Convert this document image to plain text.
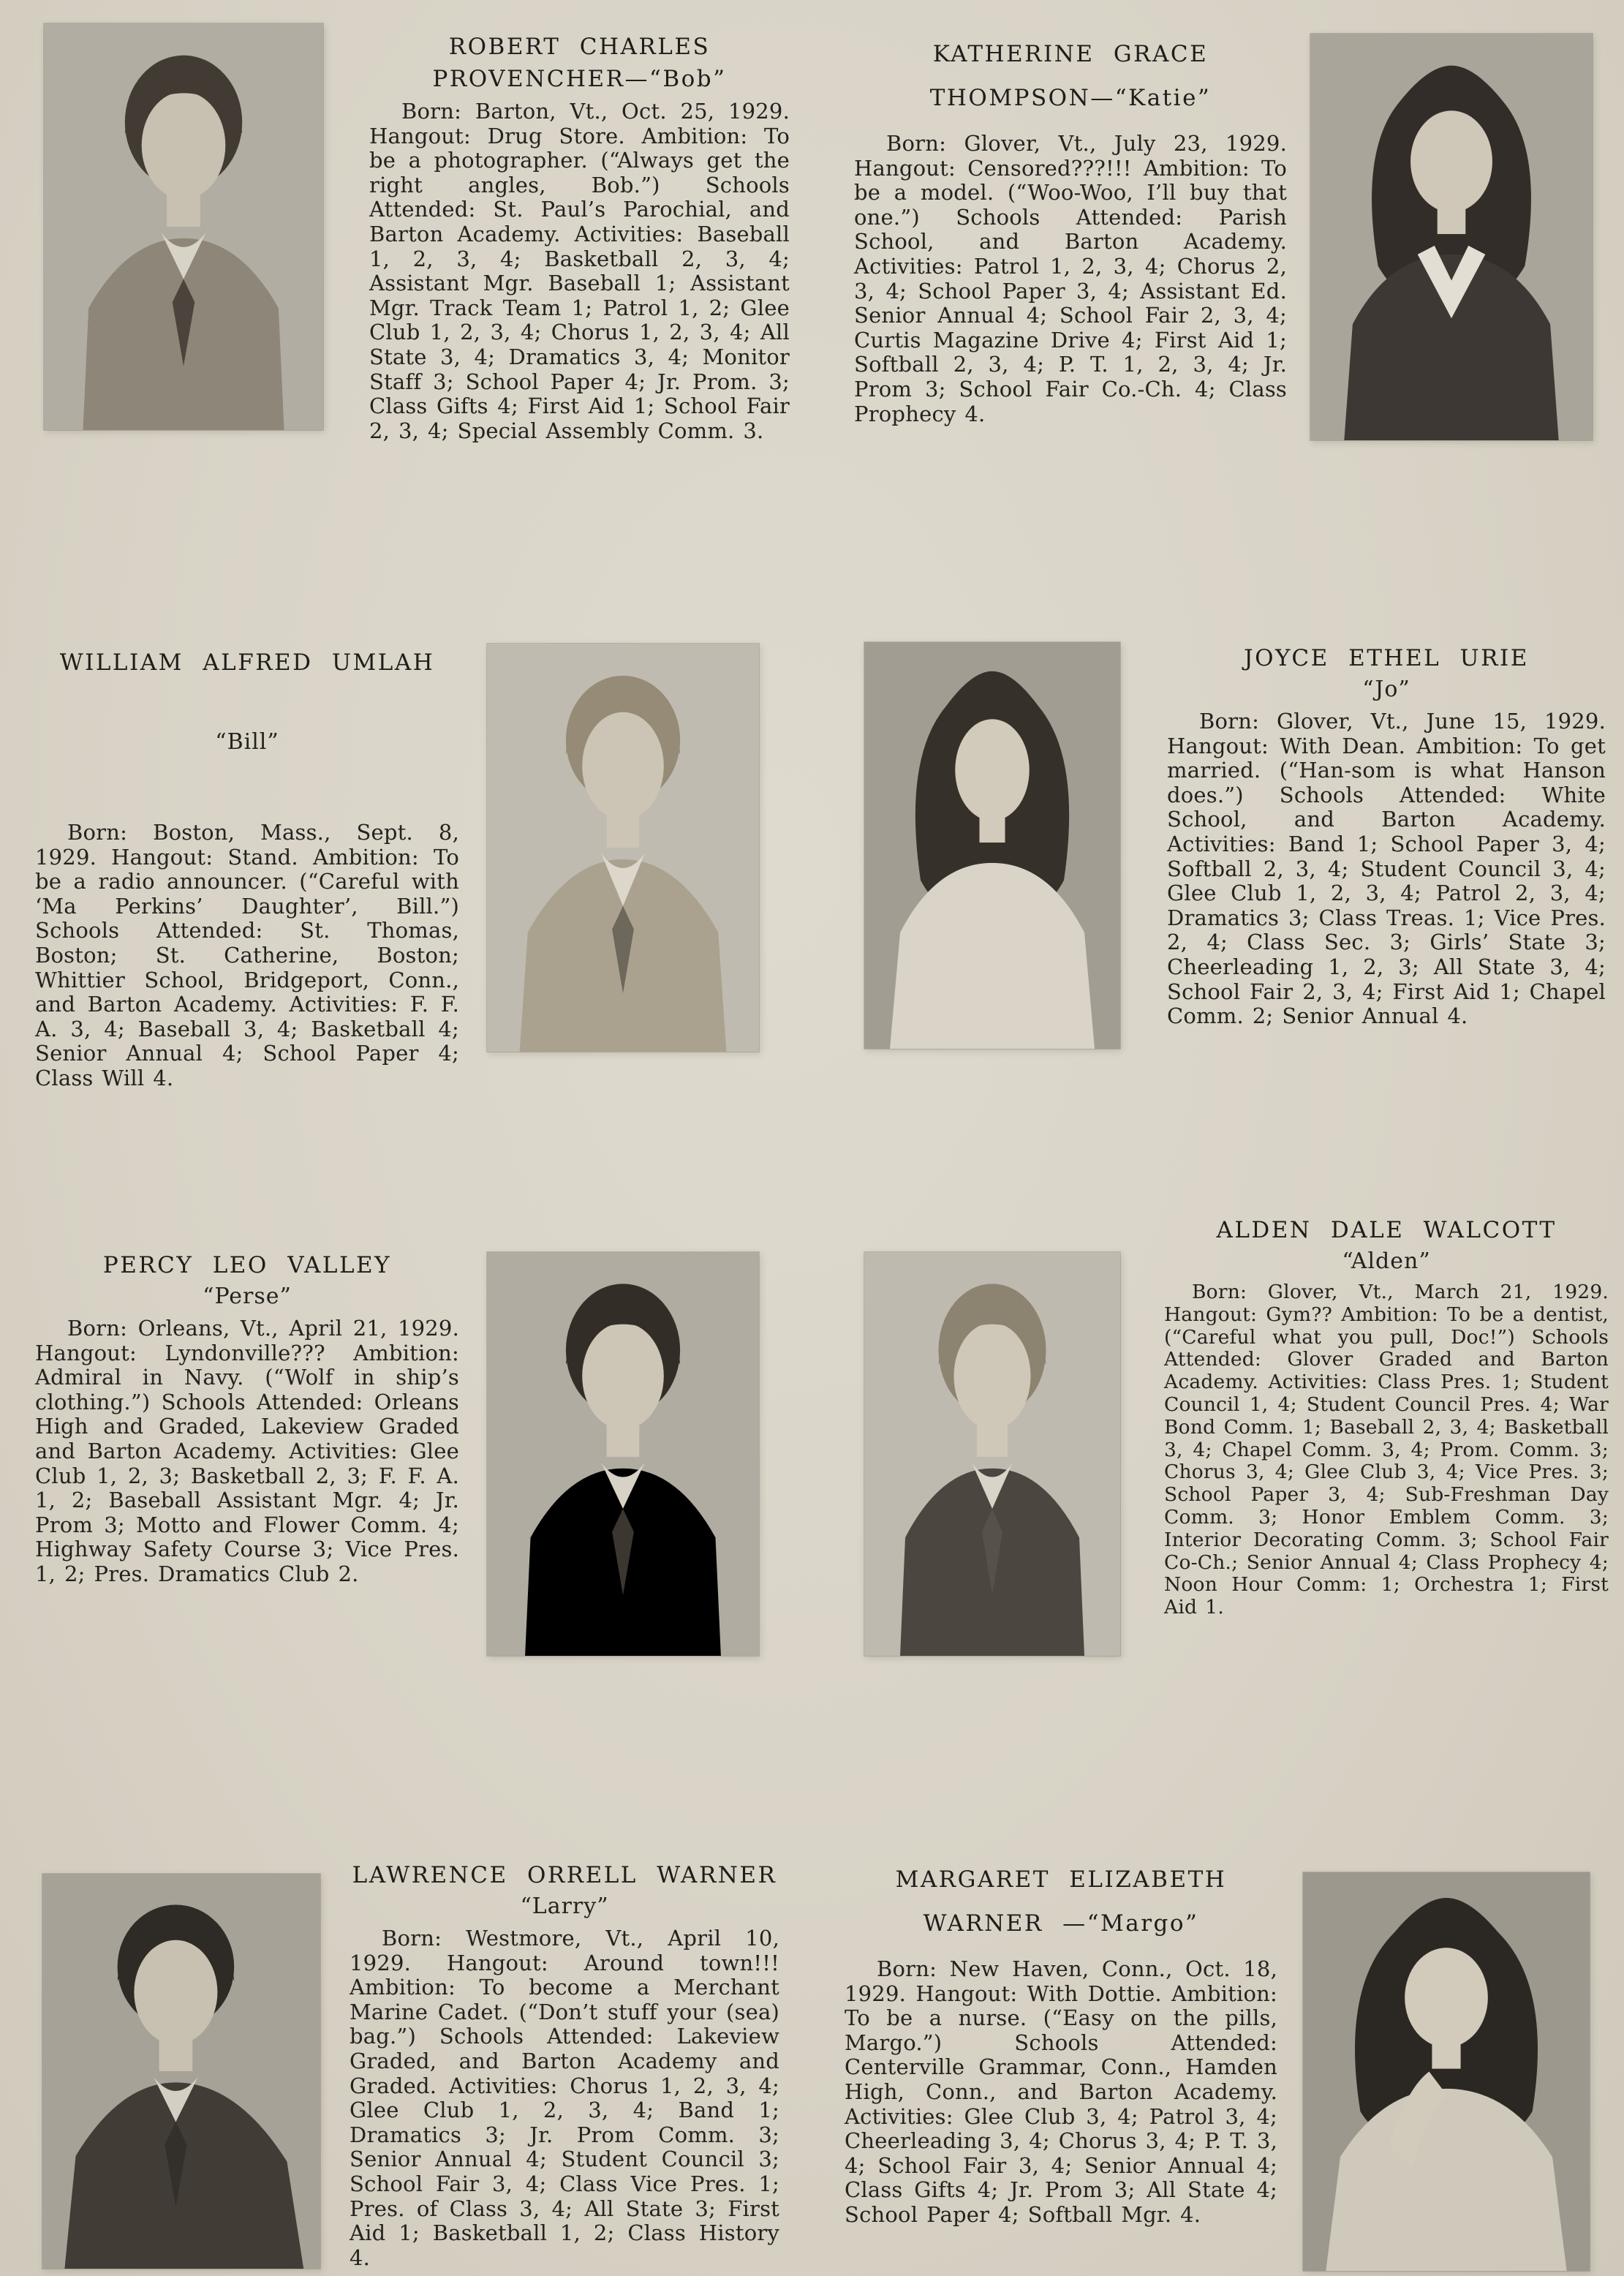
ROBERT CHARLES
PROVENCHER—“Bob”

Born: Barton, Vt., Oct. 25, 1929. Hangout: Drug Store. Ambition: To be a photographer. (“Always get the right angles, Bob.”) Schools Attended: St. Paul’s Parochial, and Barton Academy. Activities: Baseball 1, 2, 3, 4; Basketball 2, 3, 4; Assistant Mgr. Baseball 1; Assistant Mgr. Track Team 1; Patrol 1, 2; Glee Club 1, 2, 3, 4; Chorus 1, 2, 3, 4; All State 3, 4; Dramatics 3, 4; Monitor Staff 3; School Paper 4; Jr. Prom. 3; Class Gifts 4; First Aid 1; School Fair 2, 3, 4; Special Assembly Comm. 3.

KATHERINE GRACE
THOMPSON—“Katie”

Born: Glover, Vt., July 23, 1929. Hangout: Censored???!!! Ambition: To be a model. (“Woo-Woo, I’ll buy that one.”) Schools Attended: Parish School, and Barton Academy. Activities: Patrol 1, 2, 3, 4; Chorus 2, 3, 4; School Paper 3, 4; Assistant Ed. Senior Annual 4; School Fair 2, 3, 4; Curtis Magazine Drive 4; First Aid 1; Softball 2, 3, 4; P. T. 1, 2, 3, 4; Jr. Prom 3; School Fair Co.-Ch. 4; Class Prophecy 4.

WILLIAM ALFRED UMLAH
“Bill”

Born: Boston, Mass., Sept. 8, 1929. Hangout: Stand. Ambition: To be a radio announcer. (“Careful with ‘Ma Perkins’ Daughter’, Bill.”) Schools Attended: St. Thomas, Boston; St. Catherine, Boston; Whittier School, Bridgeport, Conn., and Barton Academy. Activities: F. F. A. 3, 4; Baseball 3, 4; Basketball 4; Senior Annual 4; School Paper 4; Class Will 4.

JOYCE ETHEL URIE
“Jo”

Born: Glover, Vt., June 15, 1929. Hangout: With Dean. Ambition: To get married. (“Han-som is what Hanson does.”) Schools Attended: White School, and Barton Academy. Activities: Band 1; School Paper 3, 4; Softball 2, 3, 4; Student Council 3, 4; Glee Club 1, 2, 3, 4; Patrol 2, 3, 4; Dramatics 3; Class Treas. 1; Vice Pres. 2, 4; Class Sec. 3; Girls’ State 3; Cheerleading 1, 2, 3; All State 3, 4; School Fair 2, 3, 4; First Aid 1; Chapel Comm. 2; Senior Annual 4.

PERCY LEO VALLEY
“Perse”

Born: Orleans, Vt., April 21, 1929. Hangout: Lyndonville??? Ambition: Admiral in Navy. (“Wolf in ship’s clothing.”) Schools Attended: Orleans High and Graded, Lakeview Graded and Barton Academy. Activities: Glee Club 1, 2, 3; Basketball 2, 3; F. F. A. 1, 2; Baseball Assistant Mgr. 4; Jr. Prom 3; Motto and Flower Comm. 4; Highway Safety Course 3; Vice Pres. 1, 2; Pres. Dramatics Club 2.

ALDEN DALE WALCOTT
“Alden”

Born: Glover, Vt., March 21, 1929. Hangout: Gym?? Ambition: To be a dentist, (“Careful what you pull, Doc!”) Schools Attended: Glover Graded and Barton Academy. Activities: Class Pres. 1; Student Council 1, 4; Student Council Pres. 4; War Bond Comm. 1; Baseball 2, 3, 4; Basketball 3, 4; Chapel Comm. 3, 4; Prom. Comm. 3; Chorus 3, 4; Glee Club 3, 4; Vice Pres. 3; School Paper 3, 4; Sub-Freshman Day Comm. 3; Honor Emblem Comm. 3; Interior Decorating Comm. 3; School Fair Co-Ch.; Senior Annual 4; Class Prophecy 4; Noon Hour Comm: 1; Orchestra 1; First Aid 1.

LAWRENCE ORRELL WARNER
“Larry”

Born: Westmore, Vt., April 10, 1929. Hangout: Around town!!! Ambition: To become a Merchant Marine Cadet. (“Don’t stuff your (sea) bag.”) Schools Attended: Lakeview Graded, and Barton Academy and Graded. Activities: Chorus 1, 2, 3, 4; Glee Club 1, 2, 3, 4; Band 1; Dramatics 3; Jr. Prom Comm. 3; Senior Annual 4; Student Council 3; School Fair 3, 4; Class Vice Pres. 1; Pres. of Class 3, 4; All State 3; First Aid 1; Basketball 1, 2; Class History 4.

MARGARET ELIZABETH
WARNER —“Margo”

Born: New Haven, Conn., Oct. 18, 1929. Hangout: With Dottie. Ambition: To be a nurse. (“Easy on the pills, Margo.”) Schools Attended: Centerville Grammar, Conn., Hamden High, Conn., and Barton Academy. Activities: Glee Club 3, 4; Patrol 3, 4; Cheerleading 3, 4; Chorus 3, 4; P. T. 3, 4; School Fair 3, 4; Senior Annual 4; Class Gifts 4; Jr. Prom 3; All State 4; School Paper 4; Softball Mgr. 4.
